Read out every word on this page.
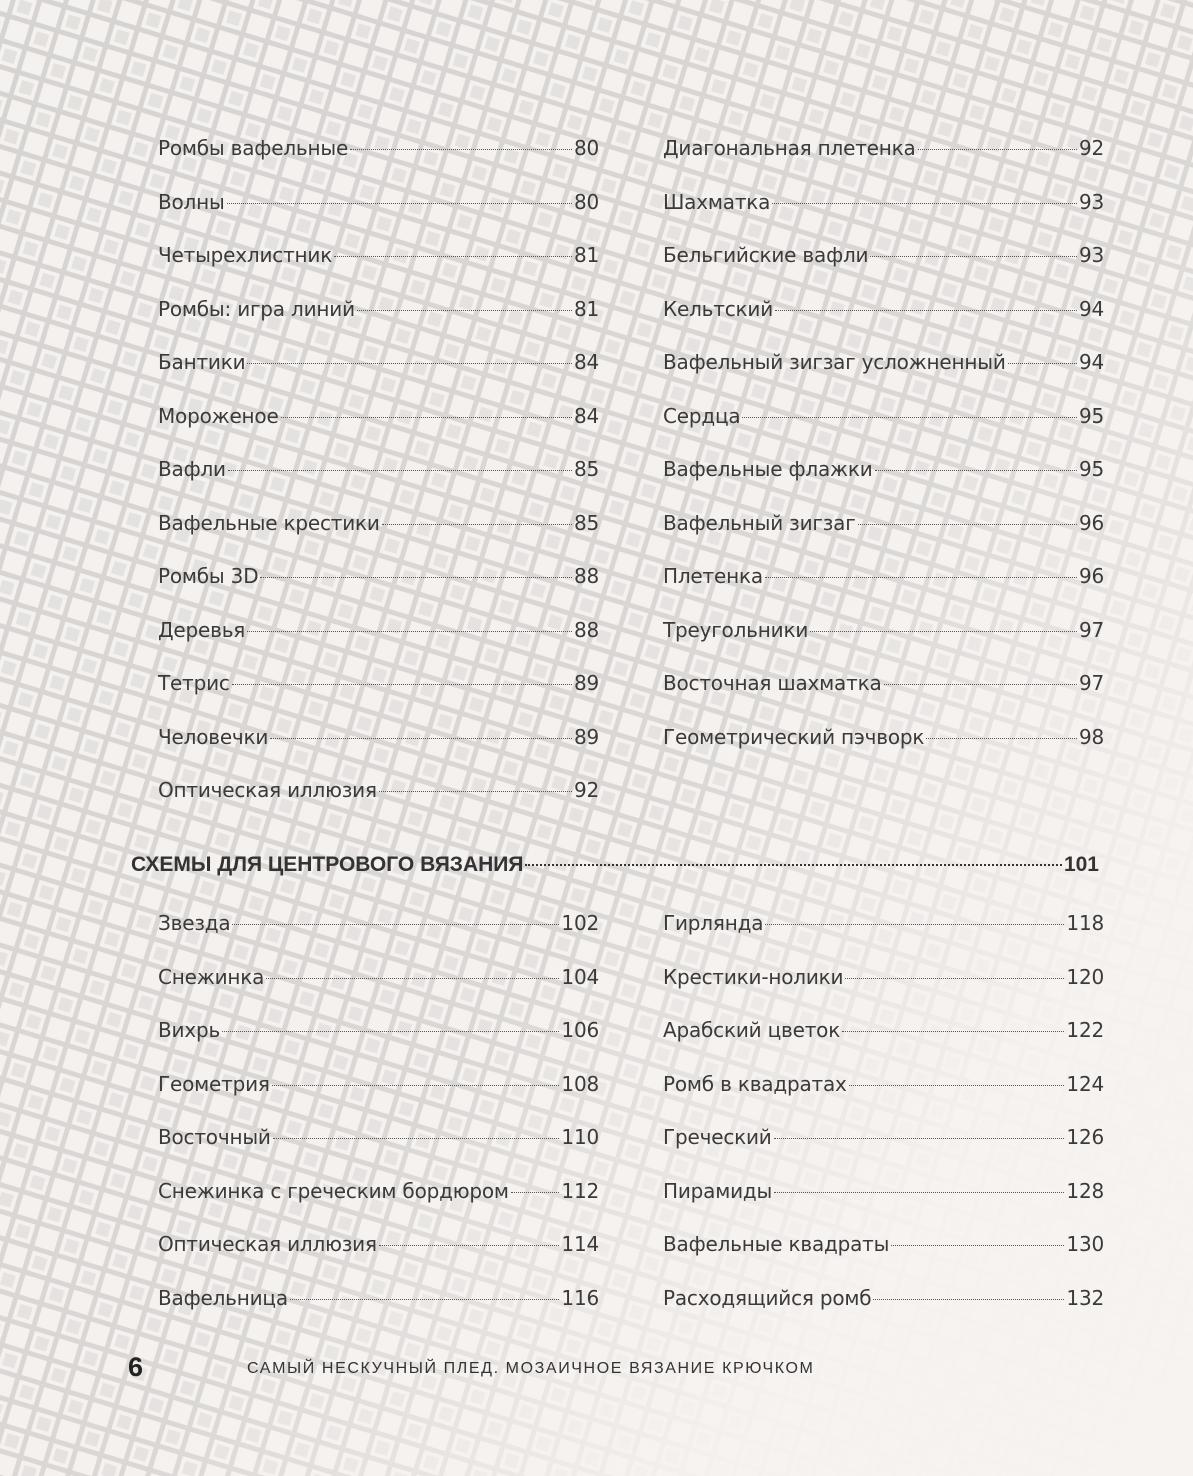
Ромбы вафельные	80
Волны	80
Четырехлистник	81
Ромбы: игра линий	81
Бантики	84
Мороженое	84
Вафли	85
Вафельные крестики	85
Ромбы 3D	88
Деревья	88
Тетрис	89
Человечки	89
Оптическая иллюзия	92
Диагональная плетенка	92
Шахматка	93
Бельгийские вафли	93
Кельтский	94
Вафельный зигзаг усложненный	94
Сердца	95
Вафельные флажки	95
Вафельный зигзаг	96
Плетенка	96
Треугольники	97
Восточная шахматка	97
Геометрический пэчворк	98
СХЕМЫ ДЛЯ ЦЕНТРОВОГО ВЯЗАНИЯ	101
Звезда	102
Снежинка	104
Вихрь	106
Геометрия	108
Восточный	110
Снежинка с греческим бордюром	112
Оптическая иллюзия	114
Вафельница	116
Гирлянда	118
Крестики-нолики	120
Арабский цветок	122
Ромб в квадратах	124
Греческий	126
Пирамиды	128
Вафельные квадраты	130
Расходящийся ромб	132
6	САМЫЙ НЕСКУЧНЫЙ ПЛЕД. МОЗАИЧНОЕ ВЯЗАНИЕ КРЮЧКОМ
